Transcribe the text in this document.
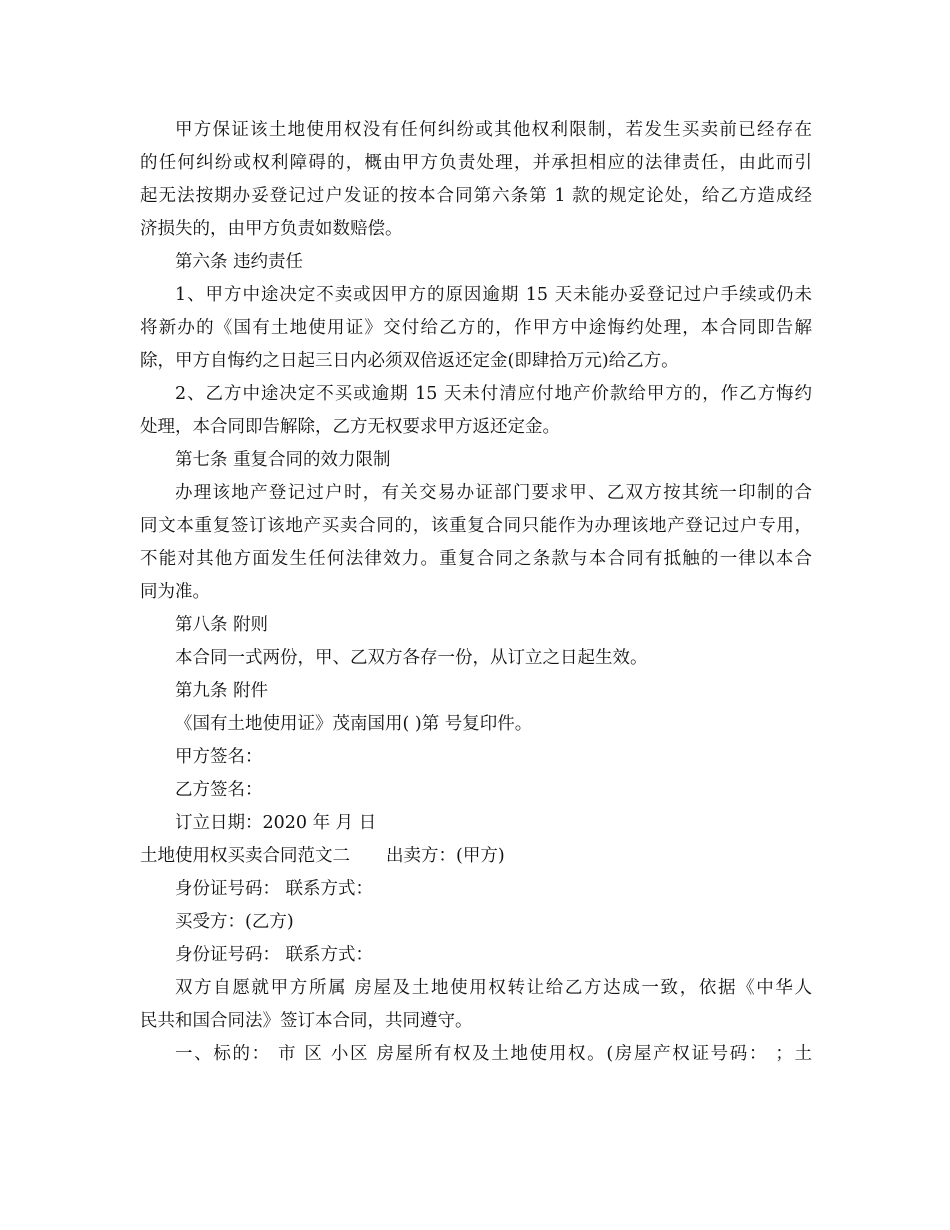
甲方保证该土地使用权没有任何纠纷或其他权利限制，若发生买卖前已经存在
的任何纠纷或权利障碍的，概由甲方负责处理，并承担相应的法律责任，由此而引
起无法按期办妥登记过户发证的按本合同第六条第 1 款的规定论处，给乙方造成经
济损失的，由甲方负责如数赔偿。
第六条 违约责任
1、甲方中途决定不卖或因甲方的原因逾期 15 天未能办妥登记过户手续或仍未
将新办的《国有土地使用证》交付给乙方的，作甲方中途悔约处理，本合同即告解
除，甲方自悔约之日起三日内必须双倍返还定金(即肆拾万元)给乙方。
2、乙方中途决定不买或逾期 15 天未付清应付地产价款给甲方的，作乙方悔约
处理，本合同即告解除，乙方无权要求甲方返还定金。
第七条 重复合同的效力限制
办理该地产登记过户时，有关交易办证部门要求甲、乙双方按其统一印制的合
同文本重复签订该地产买卖合同的，该重复合同只能作为办理该地产登记过户专用，
不能对其他方面发生任何法律效力。重复合同之条款与本合同有抵触的一律以本合
同为准。
第八条 附则
本合同一式两份，甲、乙双方各存一份，从订立之日起生效。
第九条 附件
《国有土地使用证》茂南国用( )第 号复印件。
甲方签名：
乙方签名：
订立日期：2020 年 月 日
土地使用权买卖合同范文二 出卖方：(甲方)
身份证号码： 联系方式：
买受方：(乙方)
身份证号码： 联系方式：
双方自愿就甲方所属 房屋及土地使用权转让给乙方达成一致，依据《中华人
民共和国合同法》签订本合同，共同遵守。
一、标的： 市 区 小区 房屋所有权及土地使用权。(房屋产权证号码： ；土
